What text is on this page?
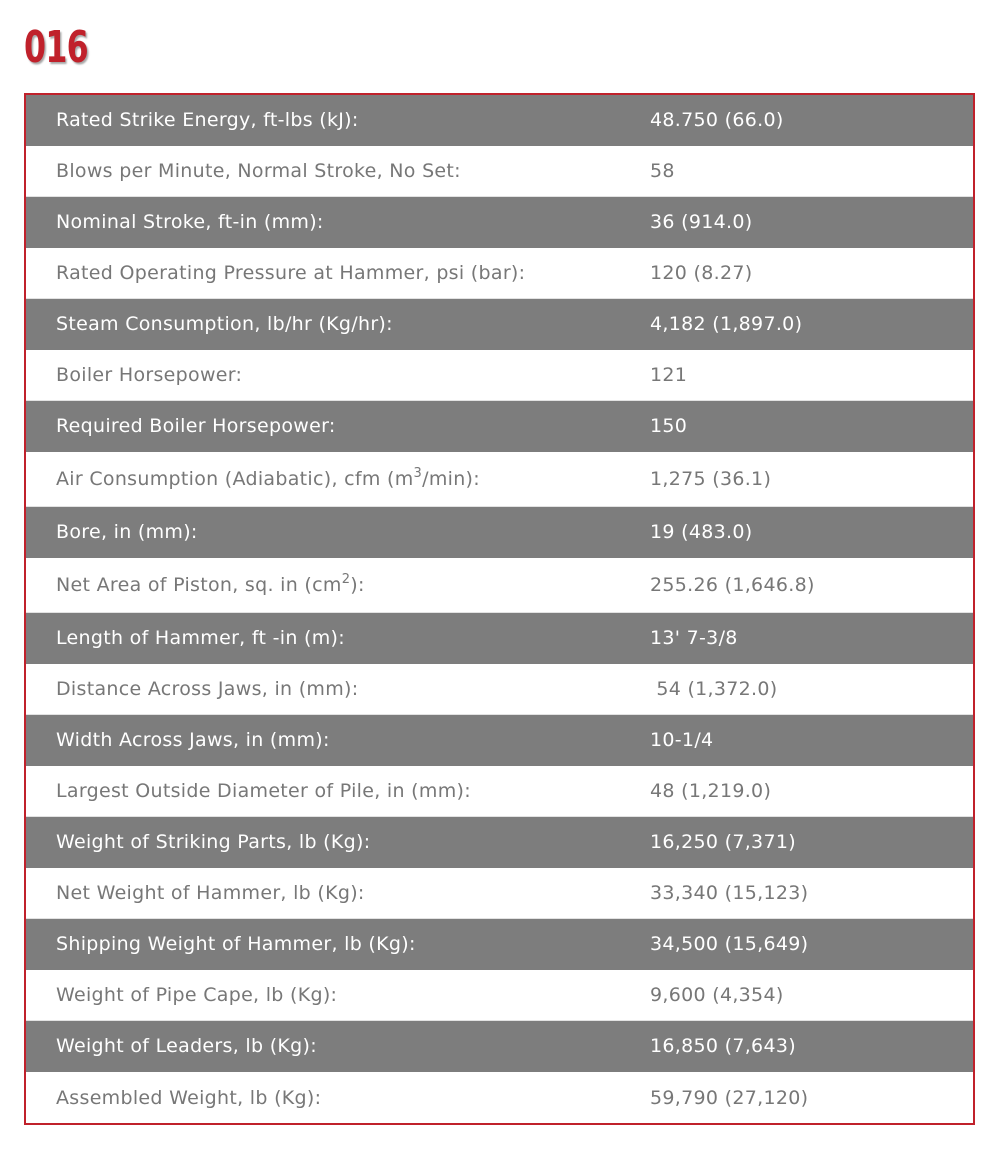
016
Rated Strike Energy, ft-lbs (kJ):	48.750 (66.0)
Blows per Minute, Normal Stroke, No Set:	58
Nominal Stroke, ft-in (mm):	36 (914.0)
Rated Operating Pressure at Hammer, psi (bar):	120 (8.27)
Steam Consumption, lb/hr (Kg/hr):	4,182 (1,897.0)
Boiler Horsepower:	121
Required Boiler Horsepower:	150
Air Consumption (Adiabatic), cfm $(m^3/\min)$:	1,275 (36.1)
Bore, in (mm):	19 (483.0)
Net Area of Piston, sq. in $(cm^2)$:	255.26 (1,646.8)
Length of Hammer, ft -in (m):	13' 7-3/8
Distance Across Jaws, in (mm):	54 (1,372.0)
Width Across Jaws, in (mm):	10-1/4
Largest Outside Diameter of Pile, in (mm):	48 (1,219.0)
Weight of Striking Parts, lb (Kg):	16,250 (7,371)
Net Weight of Hammer, lb (Kg):	33,340 (15,123)
Shipping Weight of Hammer, lb (Kg):	34,500 (15,649)
Weight of Pipe Cape, lb (Kg):	9,600 (4,354)
Weight of Leaders, lb (Kg):	16,850 (7,643)
Assembled Weight, lb (Kg):	59,790 (27,120)
